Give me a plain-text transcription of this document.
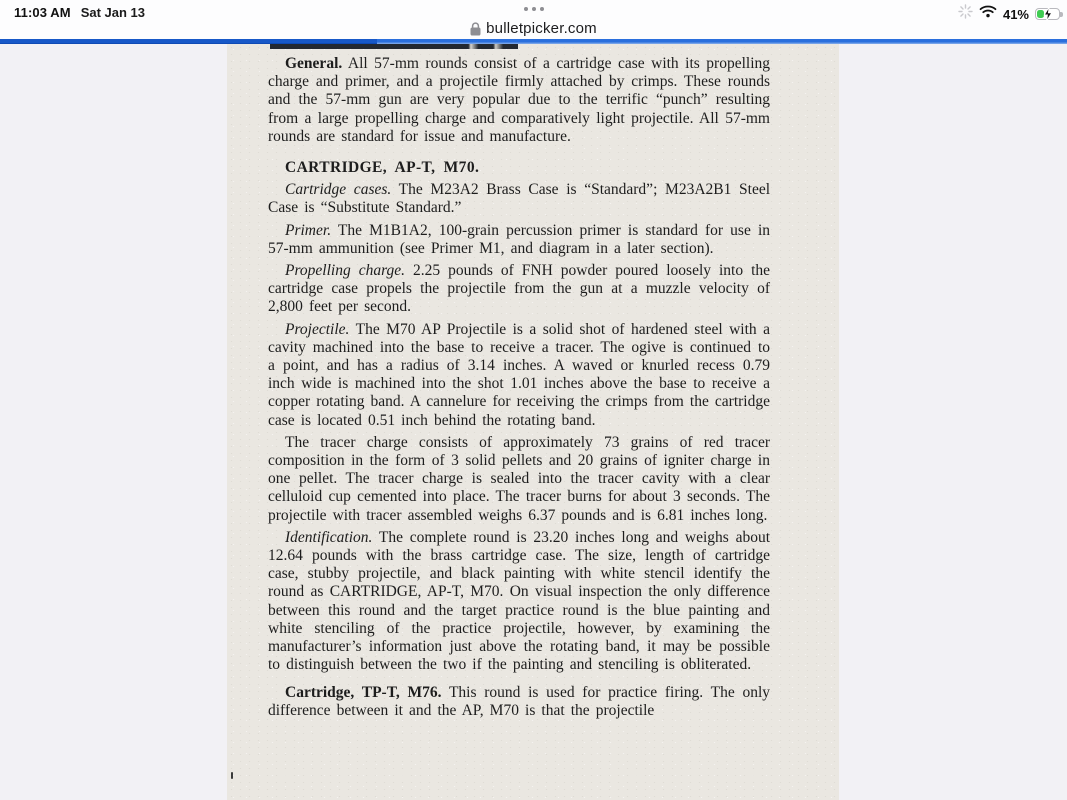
11:03 AM Sat Jan 13	41%
bulletpicker.com

General. All 57-mm rounds consist of a cartridge case with its propelling charge and primer, and a projectile firmly attached by crimps. These rounds and the 57-mm gun are very popular due to the terrific “punch” resulting from a large propelling charge and comparatively light projectile. All 57-mm rounds are standard for issue and manufacture.

CARTRIDGE, AP-T, M70.

Cartridge cases. The M23A2 Brass Case is “Standard”; M23A2B1 Steel Case is “Substitute Standard.”

Primer. The M1B1A2, 100-grain percussion primer is standard for use in 57-mm ammunition (see Primer M1, and diagram in a later section).

Propelling charge. 2.25 pounds of FNH powder poured loosely into the cartridge case propels the projectile from the gun at a muzzle velocity of 2,800 feet per second.

Projectile. The M70 AP Projectile is a solid shot of hardened steel with a cavity machined into the base to receive a tracer. The ogive is continued to a point, and has a radius of 3.14 inches. A waved or knurled recess 0.79 inch wide is machined into the shot 1.01 inches above the base to receive a copper rotating band. A cannelure for receiving the crimps from the cartridge case is located 0.51 inch behind the rotating band.

The tracer charge consists of approximately 73 grains of red tracer composition in the form of 3 solid pellets and 20 grains of igniter charge in one pellet. The tracer charge is sealed into the tracer cavity with a clear celluloid cup cemented into place. The tracer burns for about 3 seconds. The projectile with tracer assembled weighs 6.37 pounds and is 6.81 inches long.

Identification. The complete round is 23.20 inches long and weighs about 12.64 pounds with the brass cartridge case. The size, length of cartridge case, stubby projectile, and black painting with white stencil identify the round as CARTRIDGE, AP-T, M70. On visual inspection the only difference between this round and the target practice round is the blue painting and white stenciling of the practice projectile, however, by examining the manufacturer’s information just above the rotating band, it may be possible to distinguish between the two if the painting and stenciling is obliterated.

Cartridge, TP-T, M76. This round is used for practice firing. The only difference between it and the AP, M70 is that the projectile
